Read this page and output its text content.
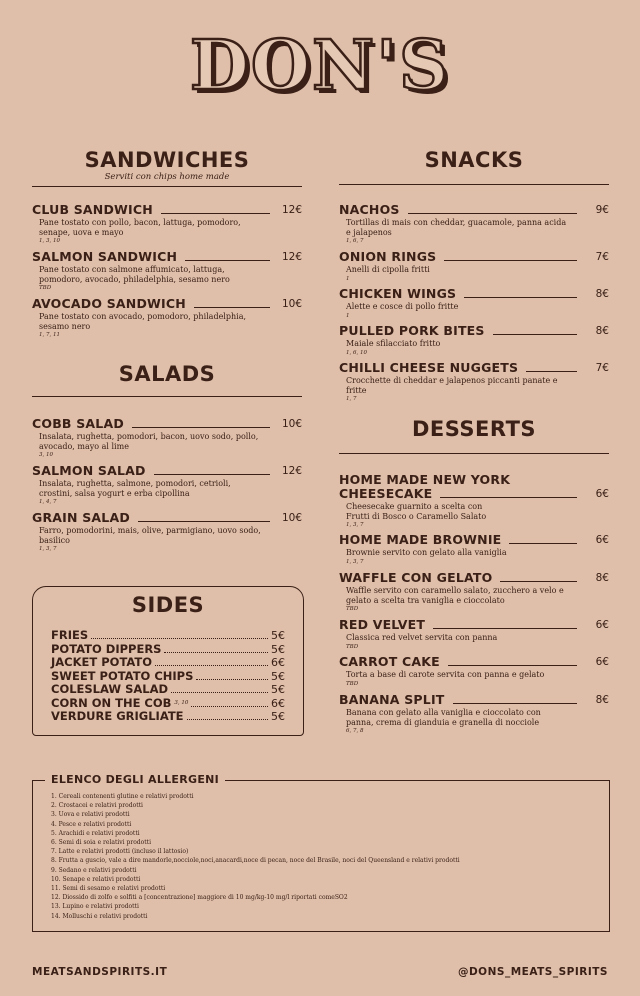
DON'S
SANDWICHES
Serviti con chips home made
CLUB SANDWICH	12€
Pane tostato con pollo, bacon, lattuga, pomodoro, senape, uova e mayo
1, 3, 10
SALMON SANDWICH	12€
Pane tostato con salmone affumicato, lattuga, pomodoro, avocado, philadelphia, sesamo nero
TBD
AVOCADO SANDWICH	10€
Pane tostato con avocado, pomodoro, philadelphia, sesamo nero
1, 7, 11
SALADS
COBB SALAD	10€
Insalata, rughetta, pomodori, bacon, uovo sodo, pollo, avocado, mayo al lime
3, 10
SALMON SALAD	12€
Insalata, rughetta, salmone, pomodori, cetrioli, crostini, salsa yogurt e erba cipollina
1, 4, 7
GRAIN SALAD	10€
Farro, pomodorini, mais, olive, parmigiano, uovo sodo, basilico
1, 3, 7
SIDES
FRIES	5€
POTATO DIPPERS	5€
JACKET POTATO	6€
SWEET POTATO CHIPS	5€
COLESLAW SALAD	5€
CORN ON THE COB 3, 10	6€
VERDURE GRIGLIATE	5€
SNACKS
NACHOS	9€
Tortillas di mais con cheddar, guacamole, panna acida e jalapenos
1, 6, 7
ONION RINGS	7€
Anelli di cipolla fritti
1
CHICKEN WINGS	8€
Alette e cosce di pollo fritte
1
PULLED PORK BITES	8€
Maiale sfilacciato fritto
1, 6, 10
CHILLI CHEESE NUGGETS	7€
Crocchette di cheddar e jalapenos piccanti panate e fritte
1, 7
DESSERTS
HOME MADE NEW YORK
CHEESECAKE	6€
Cheesecake guarnito a scelta con Frutti di Bosco o Caramello Salato
1, 3, 7
HOME MADE BROWNIE	6€
Brownie servito con gelato alla vaniglia
1, 3, 7
WAFFLE CON GELATO	8€
Waffle servito con caramello salato, zucchero a velo e gelato a scelta tra vaniglia e cioccolato
TBD
RED VELVET	6€
Classica red velvet servita con panna
TBD
CARROT CAKE	6€
Torta a base di carote servita con panna e gelato
TBD
BANANA SPLIT	8€
Banana con gelato alla vaniglia e cioccolato con panna, crema di gianduia e granella di nocciole
6, 7, 8
ELENCO DEGLI ALLERGENI
1. Cereali contenenti glutine e relativi prodotti
2. Crostacei e relativi prodotti
3. Uova e relativi prodotti
4. Pesce e relativi prodotti
5. Arachidi e relativi prodotti
6. Semi di soia e relativi prodotti
7. Latte e relativi prodotti (incluso il lattosio)
8. Frutta a guscio, vale a dire mandorle,nocciole,noci,anacardi,noce di pecan, noce del Brasile, noci del Queensland e relativi prodotti
9. Sedano e relativi prodotti
10. Senape e relativi prodotti
11. Semi di sesamo e relativi prodotti
12. Diossido di zolfo e solfiti a [concentrazione] maggiore di 10 mg/kg-10 mg/l riportati comeSO2
13. Lupino e relativi prodotti
14. Molluschi e relativi prodotti
MEATSANDSPIRITS.IT	@DONS_MEATS_SPIRITS
